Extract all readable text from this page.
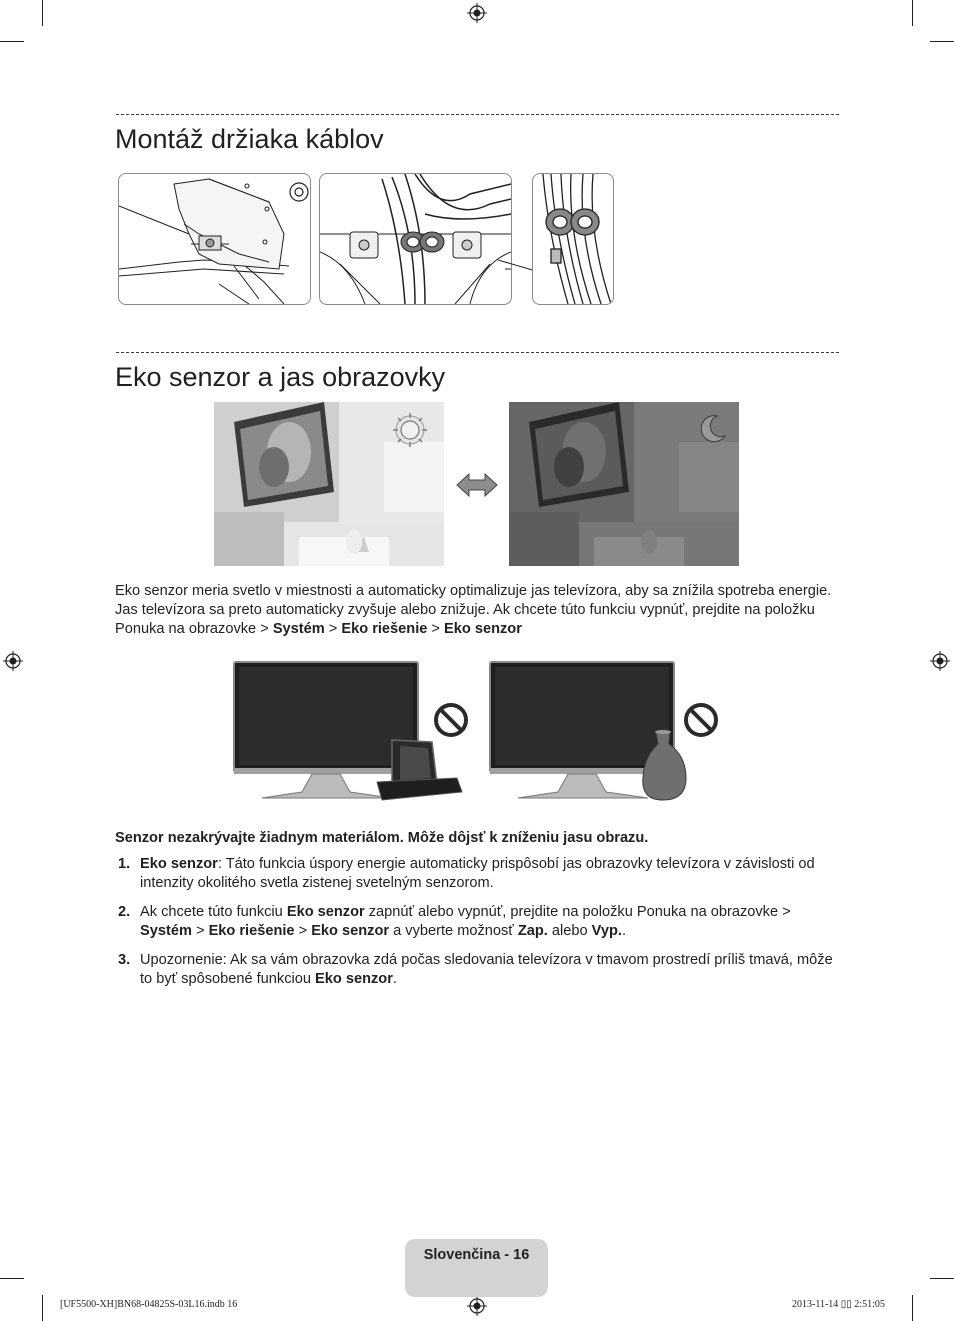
Montáž držiaka káblov
Eko senzor a jas obrazovky

Eko senzor meria svetlo v miestnosti a automaticky optimalizuje jas televízora, aby sa znížila spotreba energie. Jas televízora sa preto automaticky zvyšuje alebo znižuje. Ak chcete túto funkciu vypnúť, prejdite na položku Ponuka na obrazovke > Systém > Eko riešenie > Eko senzor

Senzor nezakrývajte žiadnym materiálom. Môže dôjsť k zníženiu jasu obrazu.

1. Eko senzor: Táto funkcia úspory energie automaticky prispôsobí jas obrazovky televízora v závislosti od intenzity okolitého svetla zistenej svetelným senzorom.
2. Ak chcete túto funkciu Eko senzor zapnúť alebo vypnúť, prejdite na položku Ponuka na obrazovke > Systém > Eko riešenie > Eko senzor a vyberte možnosť Zap. alebo Vyp..
3. Upozornenie: Ak sa vám obrazovka zdá počas sledovania televízora v tmavom prostredí príliš tmavá, môže to byť spôsobené funkciou Eko senzor.
Slovenčina - 16
[UF5500-XH]BN68-04825S-03L16.indb 16	2013-11-14 ▯▯ 2:51:05
